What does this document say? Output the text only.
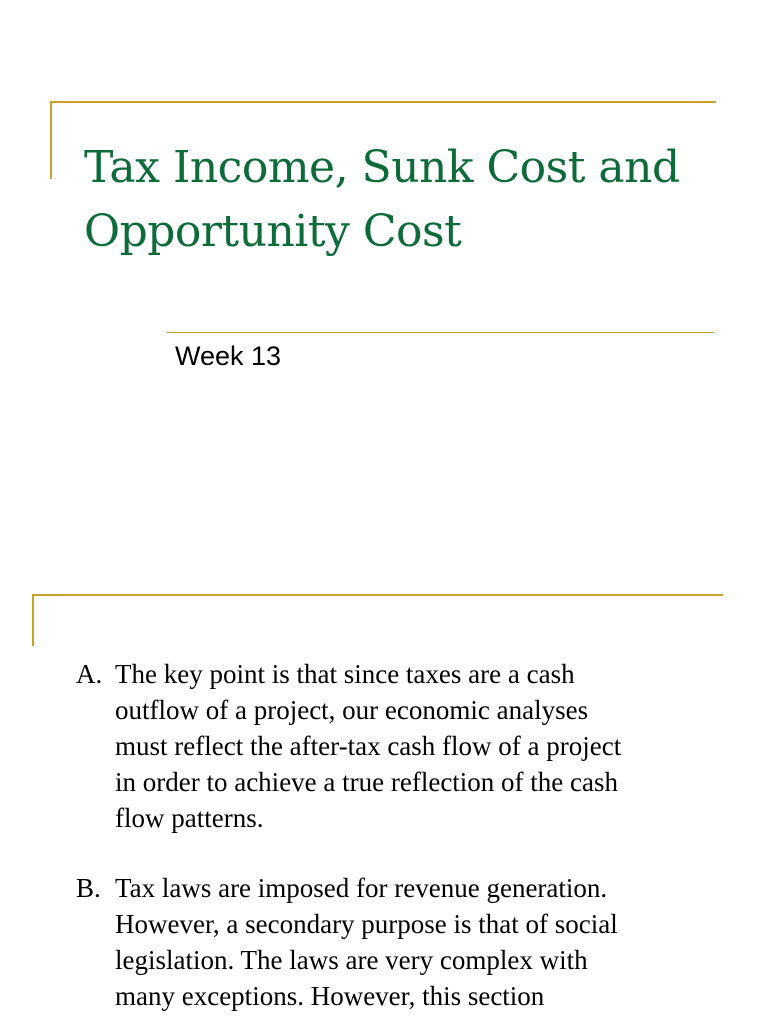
Tax Income, Sunk Cost and
Opportunity Cost

Week 13

A. The key point is that since taxes are a cash
outflow of a project, our economic analyses
must reflect the after-tax cash flow of a project
in order to achieve a true reflection of the cash
flow patterns.
B. Tax laws are imposed for revenue generation.
However, a secondary purpose is that of social
legislation. The laws are very complex with
many exceptions. However, this section
